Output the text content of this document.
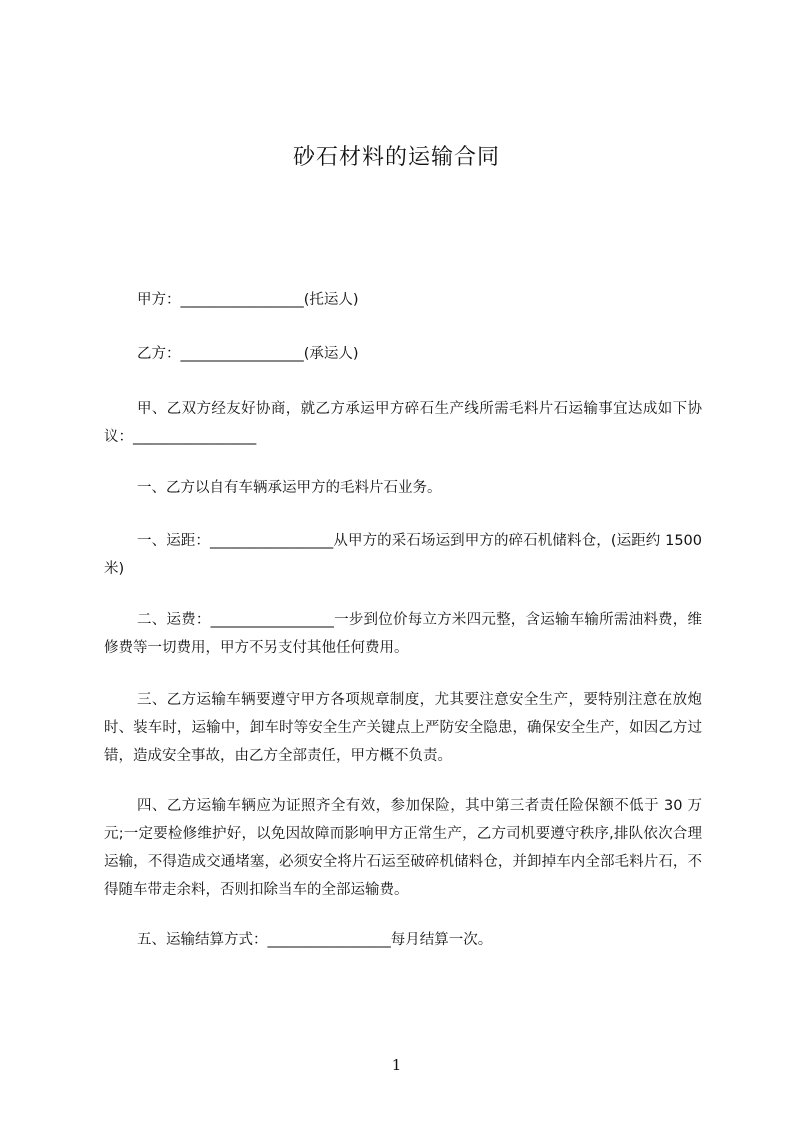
砂石材料的运输合同
甲方：_________________(托运人)
乙方：_________________(承运人)
甲、乙双方经友好协商，就乙方承运甲方碎石生产线所需毛料片石运输事宜达成如下协议：_________________
一、乙方以自有车辆承运甲方的毛料片石业务。
一、运距：_________________从甲方的采石场运到甲方的碎石机储料仓，(运距约 1500 米)
二、运费：_________________一步到位价每立方米四元整，含运输车输所需油料费，维修费等一切费用，甲方不另支付其他任何费用。
三、乙方运输车辆要遵守甲方各项规章制度，尤其要注意安全生产，要特别注意在放炮时、装车时，运输中，卸车时等安全生产关键点上严防安全隐患，确保安全生产，如因乙方过错，造成安全事故，由乙方全部责任，甲方概不负责。
四、乙方运输车辆应为证照齐全有效，参加保险，其中第三者责任险保额不低于 30 万元;一定要检修维护好，以免因故障而影响甲方正常生产，乙方司机要遵守秩序,排队依次合理运输，不得造成交通堵塞，必须安全将片石运至破碎机储料仓，并卸掉车内全部毛料片石，不得随车带走余料，否则扣除当车的全部运输费。
五、运输结算方式：_________________每月结算一次。
1
